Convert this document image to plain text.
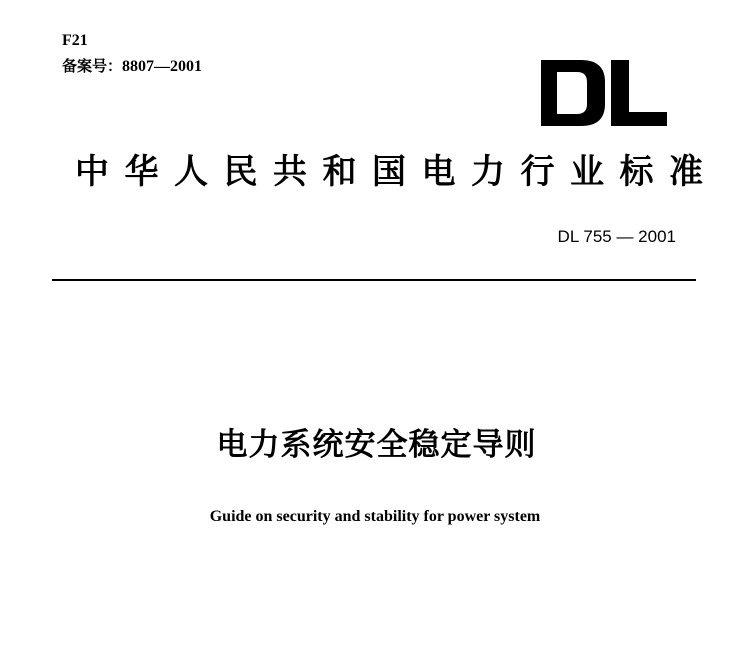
F21
备案号：8807—2001
中华人民共和国电力行业标准
DL 755 — 2001
电力系统安全稳定导则
Guide on security and stability for power system
